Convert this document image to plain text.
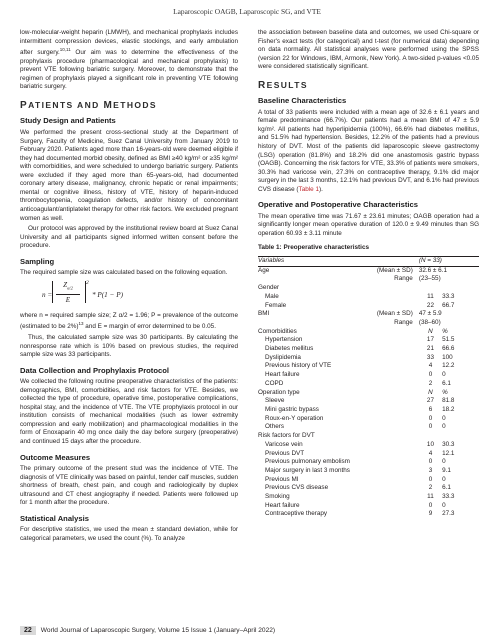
Laparoscopic OAGB, Laparoscopic SG, and VTE

low-molecular-weight heparin (LMWH), and mechanical prophylaxis includes intermittent compression devices, elastic stockings, and early ambulation after surgery.$^{10,11}$ Our aim was to determine the effectiveness of the prophylaxis procedure (pharmacological and mechanical prophylaxis) to prevent VTE following bariatric surgery. Moreover, to demonstrate that the regimen of prophylaxis played a significant role in preventing VTE following bariatric surgery.

PATIENTS AND METHODS
Study Design and Patients

We performed the present cross-sectional study at the Department of Surgery, Faculty of Medicine, Suez Canal University from January 2019 to February 2020. Patients aged more than 16-years-old were deemed eligible if they had documented morbid obesity, defined as BMI ≥40 kg/m² or ≥35 kg/m² with comorbidities, and were scheduled to undergo bariatric surgery. Patients were excluded if they aged more than 65-years-old, had documented coronary artery disease, malignancy, chronic hepatic or renal impairments; mental or cognitive illness, history of VTE, history of heparin-induced thrombocytopenia, coagulation defects, and/or history of concomitant anticoagulant/antiplatelet therapy for other risk factors. We excluded pregnant women as well.

Our protocol was approved by the institutional review board at Suez Canal University and all participants signed informed written consent before the procedure.

Sampling

The required sample size was calculated based on the following equation.

$n = \frac{Z_{\alpha/2}}{E} 2$
* P(1 − P)

where n = required sample size; Z α/2 = 1.96; P = prevalence of the outcome (estimated to be 2%)$^{13}$ and E = margin of error determined to be 0.05.

Thus, the calculated sample size was 30 participants. By calculating the nonresponse rate which is 10% based on previous studies, the required sample size was 33 participants.

Data Collection and Prophylaxis Protocol

We collected the following routine preoperative characteristics of the patients: demographics, BMI, comorbidities, and risk factors for VTE. Besides, we collected the type of procedure, operative time, postoperative complications, hospital stay, and the incidence of VTE. The VTE prophylaxis protocol in our institution consists of mechanical modalities (such as lower extremity compression and early mobilization) and pharmacological modalities in the form of Enoxaparin 40 mg once daily the day before surgery (preoperative) and continued 15 days after the procedure.

Outcome Measures

The primary outcome of the present stud was the incidence of VTE. The diagnosis of VTE clinically was based on painful, tender calf muscles, sudden shortness of breath, chest pain, and cough and radiologically by duplex ultrasound and CT chest angiography if needed. Patients were followed up for 1 month after the procedure.

Statistical Analysis

For descriptive statistics, we used the mean ± standard deviation, while for categorical parameters, we used the count (%). To analyze

the association between baseline data and outcomes, we used Chi-square or Fisher's exact tests (for categorical) and t-test (for numerical data) depending on data normality. All statistical analyses were performed using the SPSS (version 22 for Windows, IBM, Armonk, New York). A two-sided p-values <0.05 were considered statistically significant.

RESULTS
Baseline Characteristics

A total of 33 patients were included with a mean age of 32.6 ± 6.1 years and female predominance (66.7%). Our patients had a mean BMI of 47 ± 5.9 kg/m². All patients had hyperlipidemia (100%), 66.6% had diabetes mellitus, and 51.5% had hypertension. Besides, 12.2% of the patients had a previous history of DVT. Most of the patients did laparoscopic sleeve gastrectomy (LSG) operation (81.8%) and 18.2% did one anastomosis gastric bypass (OAGB). Concerning the risk factors for VTE, 33.3% of patients were smokers, 30.3% had varicose vein, 27.3% on contraceptive therapy, 9.1% did major surgery in the last 3 months, 12.1% had previous DVT, and 6.1% had previous CVS disease (Table 1).

Operative and Postoperative Characteristics

The mean operative time was 71.67 ± 23.61 minutes; OAGB operation had a significantly longer mean operative duration of 120.0 ± 9.49 minutes than SG operation 60.93 ± 3.11 minute

Table 1: Preoperative characteristics
Variables		(N = 33)	
Age	(Mean ± SD)	32.6 ± 6.1	
	Range	(23–55)	
Gender			
Male		11	33.3
Female		22	66.7
BMI	(Mean ± SD)	47 ± 5.9	
	Range	(38–60)	
Comorbidities		N	%
Hypertension		17	51.5
Diabetes mellitus		21	66.6
Dyslipidemia		33	100
Previous history of VTE		4	12.2
Heart failure		0	0
COPD		2	6.1
Operation type		N	%
Sleeve		27	81.8
Mini gastric bypass		6	18.2
Roux-en-Y operation		0	0
Others		0	0
Risk factors for DVT			
Varicose vein		10	30.3
Previous DVT		4	12.1
Previous pulmonary embolism		0	0
Major surgery in last 3 months		3	9.1
Previous MI		0	0
Previous CVS disease		2	6.1
Smoking		11	33.3
Heart failure		0	0
Contraceptive therapy		9	27.3
22 World Journal of Laparoscopic Surgery, Volume 15 Issue 1 (January–April 2022)
